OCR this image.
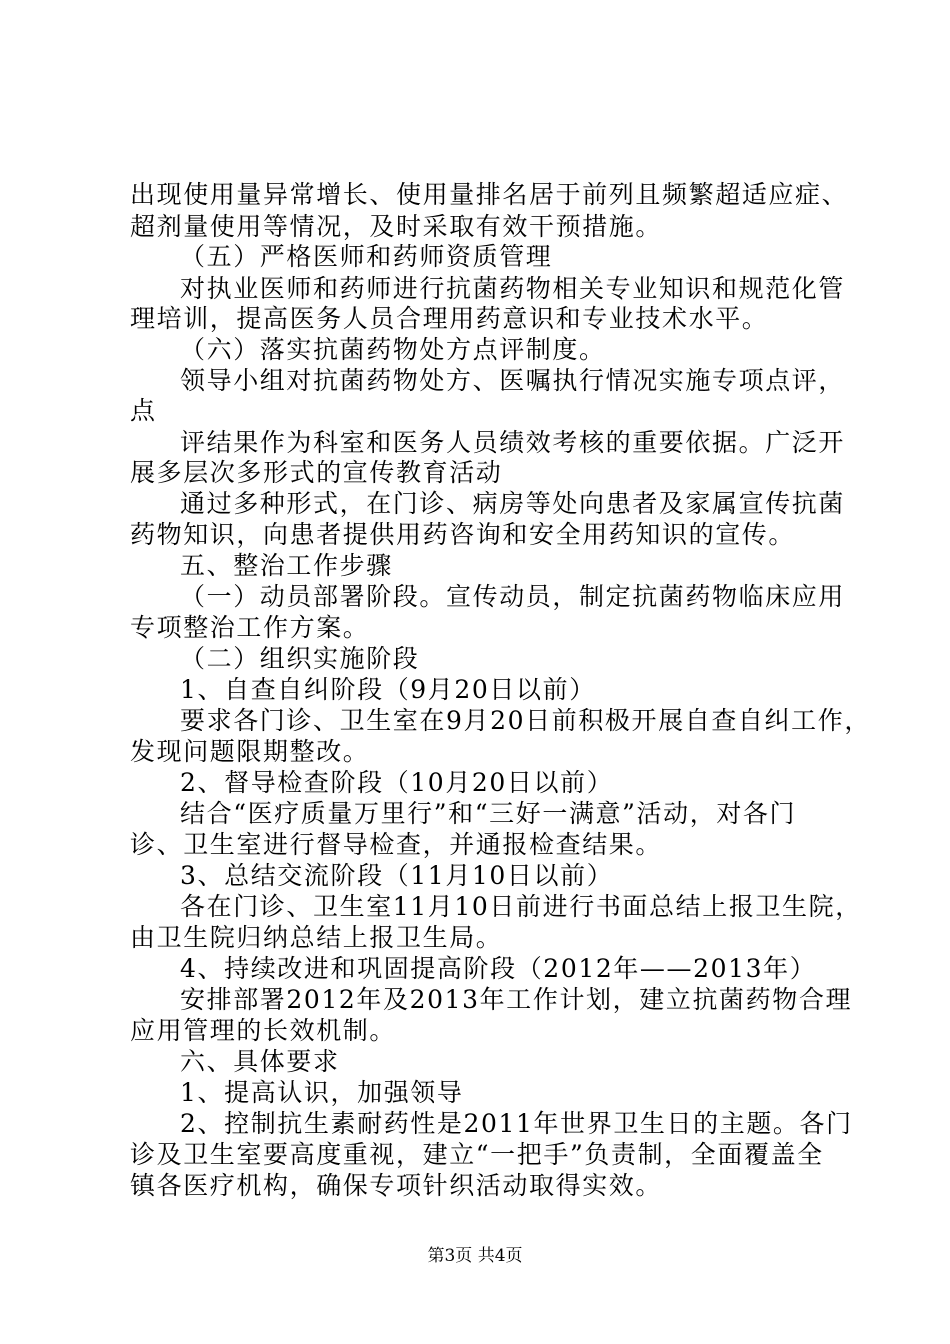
出现使用量异常增长、使用量排名居于前列且频繁超适应症、
超剂量使用等情况，及时采取有效干预措施。
（五）严格医师和药师资质管理
对执业医师和药师进行抗菌药物相关专业知识和规范化管
理培训，提高医务人员合理用药意识和专业技术水平。
（六）落实抗菌药物处方点评制度。
领导小组对抗菌药物处方、医嘱执行情况实施专项点评，
点
评结果作为科室和医务人员绩效考核的重要依据。广泛开
展多层次多形式的宣传教育活动
通过多种形式，在门诊、病房等处向患者及家属宣传抗菌
药物知识，向患者提供用药咨询和安全用药知识的宣传。
五、整治工作步骤
（一）动员部署阶段。宣传动员，制定抗菌药物临床应用
专项整治工作方案。
（二）组织实施阶段
1、自查自纠阶段（9月20日以前）
要求各门诊、卫生室在9月20日前积极开展自查自纠工作，
发现问题限期整改。
2、督导检查阶段（10月20日以前）
结合“医疗质量万里行”和“三好一满意”活动，对各门
诊、卫生室进行督导检查，并通报检查结果。
3、总结交流阶段（11月10日以前）
各在门诊、卫生室11月10日前进行书面总结上报卫生院，
由卫生院归纳总结上报卫生局。
4、持续改进和巩固提高阶段（2012年——2013年）
安排部署2012年及2013年工作计划，建立抗菌药物合理
应用管理的长效机制。
六、具体要求
1、提高认识，加强领导
2、控制抗生素耐药性是2011年世界卫生日的主题。各门
诊及卫生室要高度重视，建立“一把手”负责制，全面覆盖全
镇各医疗机构，确保专项针织活动取得实效。
第3页 共4页
